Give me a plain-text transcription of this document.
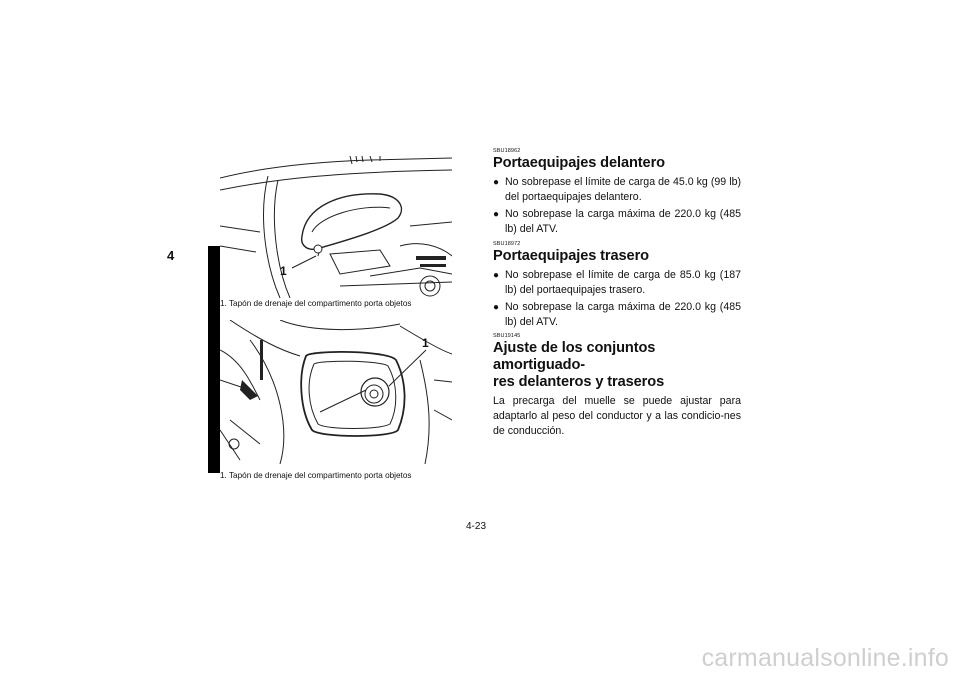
4
1
1. Tapón de drenaje del compartimento porta objetos
1
1. Tapón de drenaje del compartimento porta objetos

SBU18962

Portaequipajes delantero
● No sobrepase el límite de carga de 45.0 kg (99 lb) del portaequipajes delantero.
● No sobrepase la carga máxima de 220.0 kg (485 lb) del ATV.

SBU18972

Portaequipajes trasero
● No sobrepase el límite de carga de 85.0 kg (187 lb) del portaequipajes trasero.
● No sobrepase la carga máxima de 220.0 kg (485 lb) del ATV.

SBU19145

Ajuste de los conjuntos amortiguado-
res delanteros y traseros

La precarga del muelle se puede ajustar para adaptarlo al peso del conductor y a las condicio-nes de conducción.

4-23
carmanualsonline.info
